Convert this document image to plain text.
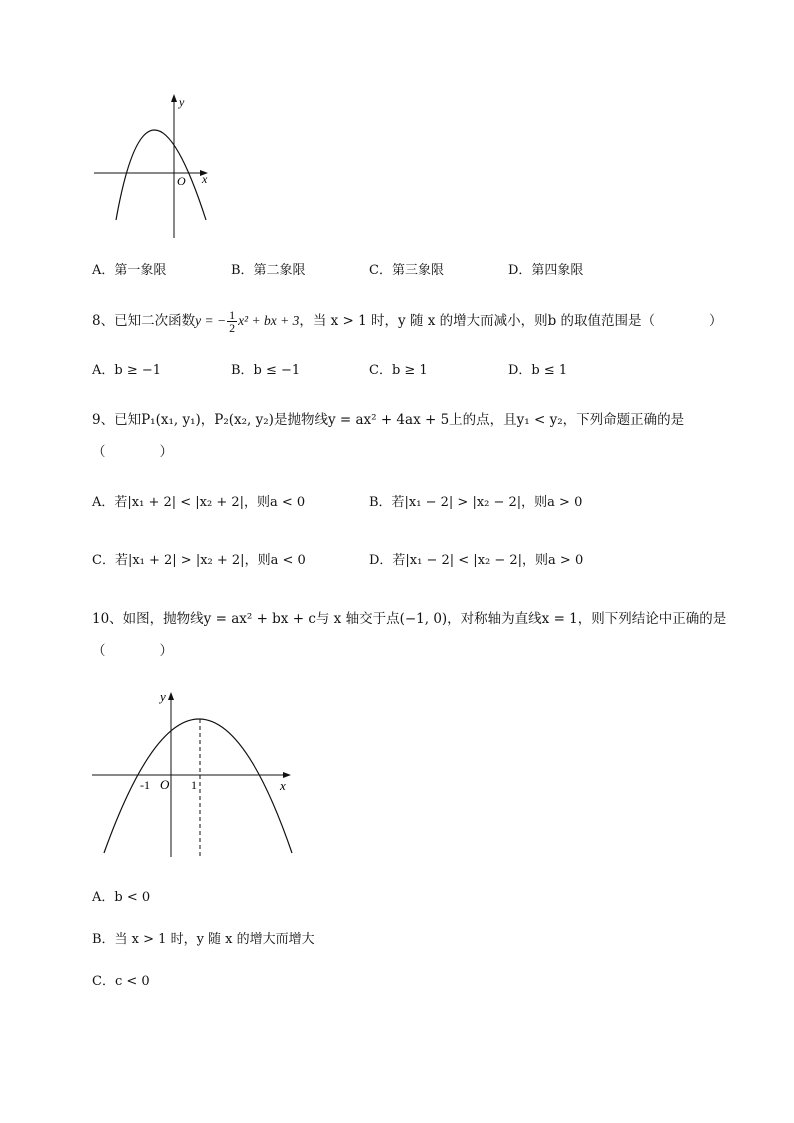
y
x
O
A．第一象限	B．第二象限	C．第三象限	D．第四象限
8、已知二次函数y = − $\frac{1}{2} x^2$ + bx + 3，当 x > 1 时，y 随 x 的增大而减小，则b 的取值范围是（　　　　）
A．b ≥ −1	B．b ≤ −1	C．b ≥ 1	D．b ≤ 1
9、已知P₁(x₁, y₁)，P₂(x₂, y₂)是抛物线y = ax² + 4ax + 5上的点，且y₁ < y₂，下列命题正确的是
（　　　　）
A．若|x₁ + 2| < |x₂ + 2|，则a < 0	B．若|x₁ − 2| > |x₂ − 2|，则a > 0
C．若|x₁ + 2| > |x₂ + 2|，则a < 0	D．若|x₁ − 2| < |x₂ − 2|，则a > 0
10、如图，抛物线y = ax² + bx + c与 x 轴交于点(−1, 0)，对称轴为直线x = 1，则下列结论中正确的是
（　　　　）
y
x
O
-1	1
A．b < 0
B．当 x > 1 时，y 随 x 的增大而增大
C．c < 0
